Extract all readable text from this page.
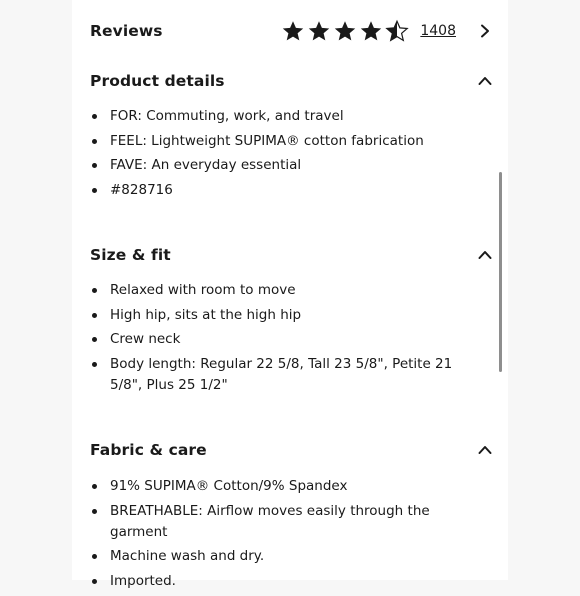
Reviews	1408
Product details
FOR: Commuting, work, and travel
FEEL: Lightweight SUPIMA® cotton fabrication
FAVE: An everyday essential
#828716
Size & fit
Relaxed with room to move
High hip, sits at the high hip
Crew neck
Body length: Regular 22 5/8, Tall 23 5/8", Petite 21 5/8", Plus 25 1/2"
Fabric & care
91% SUPIMA® Cotton/9% Spandex
BREATHABLE: Airflow moves easily through the garment
Machine wash and dry.
Imported.
